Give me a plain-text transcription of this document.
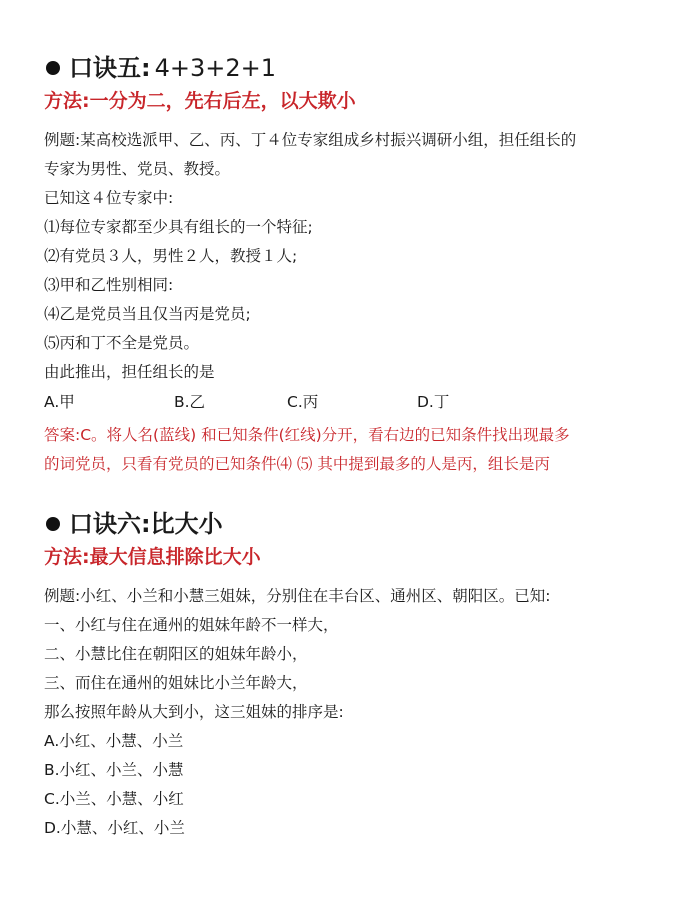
口诀五: 4+3+2+1
方法:一分为二，先右后左，以大欺小
例题:某高校选派甲、乙、丙、丁４位专家组成乡村振兴调研小组，担任组长的
专家为男性、党员、教授。
已知这４位专家中:
⑴每位专家都至少具有组长的一个特征;
⑵有党员３人，男性２人，教授１人;
⑶甲和乙性别相同:
⑷乙是党员当且仅当丙是党员;
⑸丙和丁不全是党员。
由此推出，担任组长的是
A.甲	B.乙	C.丙	D.丁
答案:C。将人名(蓝线) 和已知条件(红线)分开，看右边的已知条件找出现最多
的词党员，只看有党员的已知条件⑷ ⑸ 其中提到最多的人是丙，组长是丙
口诀六:比大小
方法:最大信息排除比大小
例题:小红、小兰和小慧三姐妹，分别住在丰台区、通州区、朝阳区。已知:
一、小红与住在通州的姐妹年龄不一样大，
二、小慧比住在朝阳区的姐妹年龄小，
三、而住在通州的姐妹比小兰年龄大，
那么按照年龄从大到小，这三姐妹的排序是:
A.小红、小慧、小兰
B.小红、小兰、小慧
C.小兰、小慧、小红
D.小慧、小红、小兰
